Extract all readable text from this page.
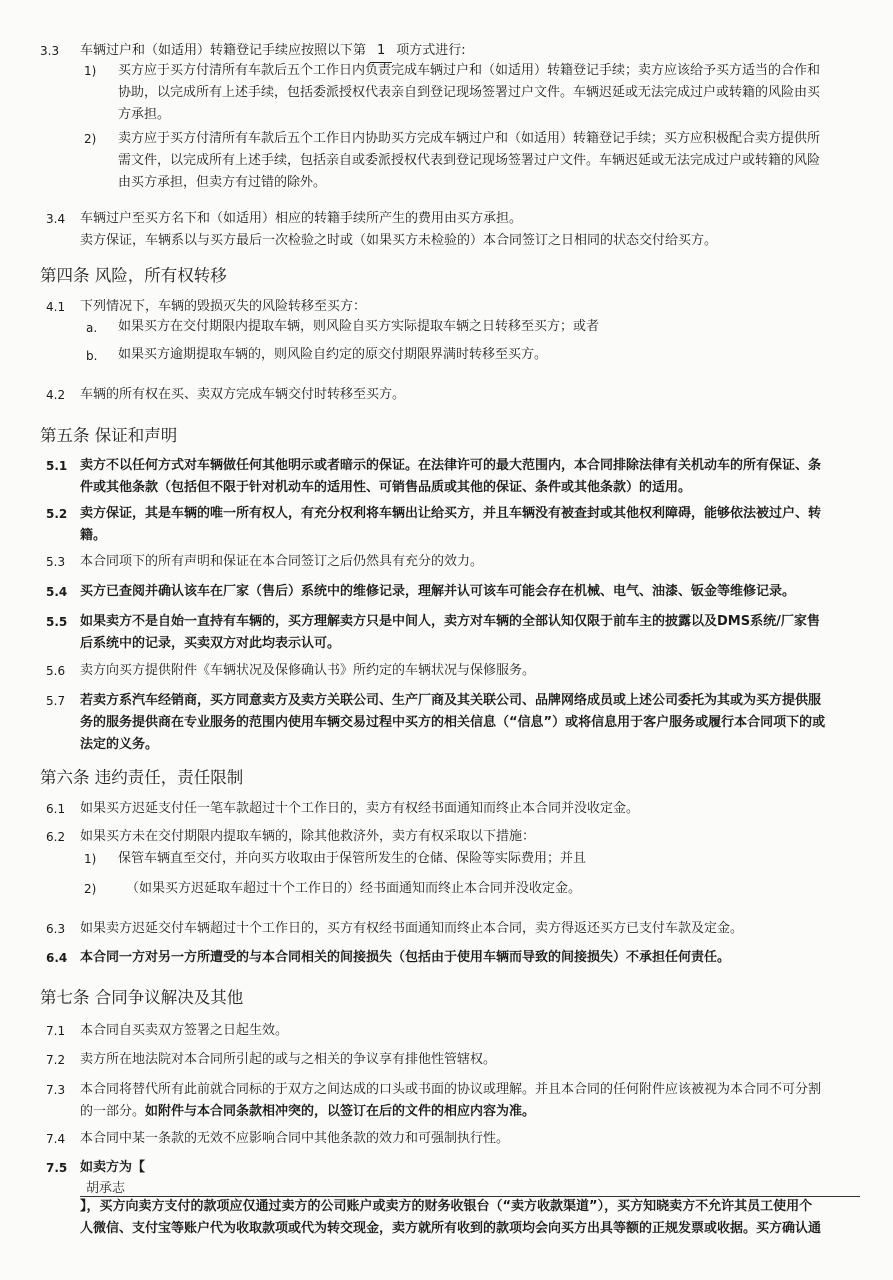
3.3 车辆过户和（如适用）转籍登记手续应按照以下第 1 项方式进行:
1) 买方应于买方付清所有车款后五个工作日内负责完成车辆过户和（如适用）转籍登记手续；卖方应该给予买方适当的合作和
协助，以完成所有上述手续，包括委派授权代表亲自到登记现场签署过户文件。车辆迟延或无法完成过户或转籍的风险由买
方承担。
2) 卖方应于买方付清所有车款后五个工作日内协助买方完成车辆过户和（如适用）转籍登记手续；买方应积极配合卖方提供所
需文件，以完成所有上述手续，包括亲自或委派授权代表到登记现场签署过户文件。车辆迟延或无法完成过户或转籍的风险
由买方承担，但卖方有过错的除外。
3.4 车辆过户至买方名下和（如适用）相应的转籍手续所产生的费用由买方承担。
卖方保证，车辆系以与买方最后一次检验之时或（如果买方未检验的）本合同签订之日相同的状态交付给买方。
第四条 风险，所有权转移
4.1 下列情况下，车辆的毁损灭失的风险转移至买方：
a. 如果买方在交付期限内提取车辆，则风险自买方实际提取车辆之日转移至买方；或者
b. 如果买方逾期提取车辆的，则风险自约定的原交付期限界满时转移至买方。
4.2 车辆的所有权在买、卖双方完成车辆交付时转移至买方。
第五条 保证和声明
5.1 卖方不以任何方式对车辆做任何其他明示或者暗示的保证。在法律许可的最大范围内，本合同排除法律有关机动车的所有保证、条
件或其他条款（包括但不限于针对机动车的适用性、可销售品质或其他的保证、条件或其他条款）的适用。
5.2 卖方保证，其是车辆的唯一所有权人，有充分权利将车辆出让给买方，并且车辆没有被查封或其他权利障碍，能够依法被过户、转
籍。
5.3 本合同项下的所有声明和保证在本合同签订之后仍然具有充分的效力。
5.4 买方已查阅并确认该车在厂家（售后）系统中的维修记录，理解并认可该车可能会存在机械、电气、油漆、钣金等维修记录。
5.5 如果卖方不是自始一直持有车辆的，买方理解卖方只是中间人，卖方对车辆的全部认知仅限于前车主的披露以及DMS系统/厂家售
后系统中的记录，买卖双方对此均表示认可。
5.6 卖方向买方提供附件《车辆状况及保修确认书》所约定的车辆状况与保修服务。
5.7 若卖方系汽车经销商，买方同意卖方及卖方关联公司、生产厂商及其关联公司、品牌网络成员或上述公司委托为其或为买方提供服
务的服务提供商在专业服务的范围内使用车辆交易过程中买方的相关信息（“信息”）或将信息用于客户服务或履行本合同项下的或
法定的义务。
第六条 违约责任，责任限制
6.1 如果买方迟延支付任一笔车款超过十个工作日的，卖方有权经书面通知而终止本合同并没收定金。
6.2 如果买方未在交付期限内提取车辆的，除其他救济外，卖方有权采取以下措施：
1) 保管车辆直至交付，并向买方收取由于保管所发生的仓储、保险等实际费用；并且
2) （如果买方迟延取车超过十个工作日的）经书面通知而终止本合同并没收定金。
6.3 如果卖方迟延交付车辆超过十个工作日的，买方有权经书面通知而终止本合同，卖方得返还买方已支付车款及定金。
6.4 本合同一方对另一方所遭受的与本合同相关的间接损失（包括由于使用车辆而导致的间接损失）不承担任何责任。
第七条 合同争议解决及其他
7.1 本合同自买卖双方签署之日起生效。
7.2 卖方所在地法院对本合同所引起的或与之相关的争议享有排他性管辖权。
7.3 本合同将替代所有此前就合同标的于双方之间达成的口头或书面的协议或理解。并且本合同的任何附件应该被视为本合同不可分割
的一部分。如附件与本合同条款相冲突的，以签订在后的文件的相应内容为准。
7.4 本合同中某一条款的无效不应影响合同中其他条款的效力和可强制执行性。
7.5 如卖方为【
胡承志
】，买方向卖方支付的款项应仅通过卖方的公司账户或卖方的财务收银台（“卖方收款渠道”），买方知晓卖方不允许其员工使用个
人微信、支付宝等账户代为收取款项或代为转交现金，卖方就所有收到的款项均会向买方出具等额的正规发票或收据。买方确认通
